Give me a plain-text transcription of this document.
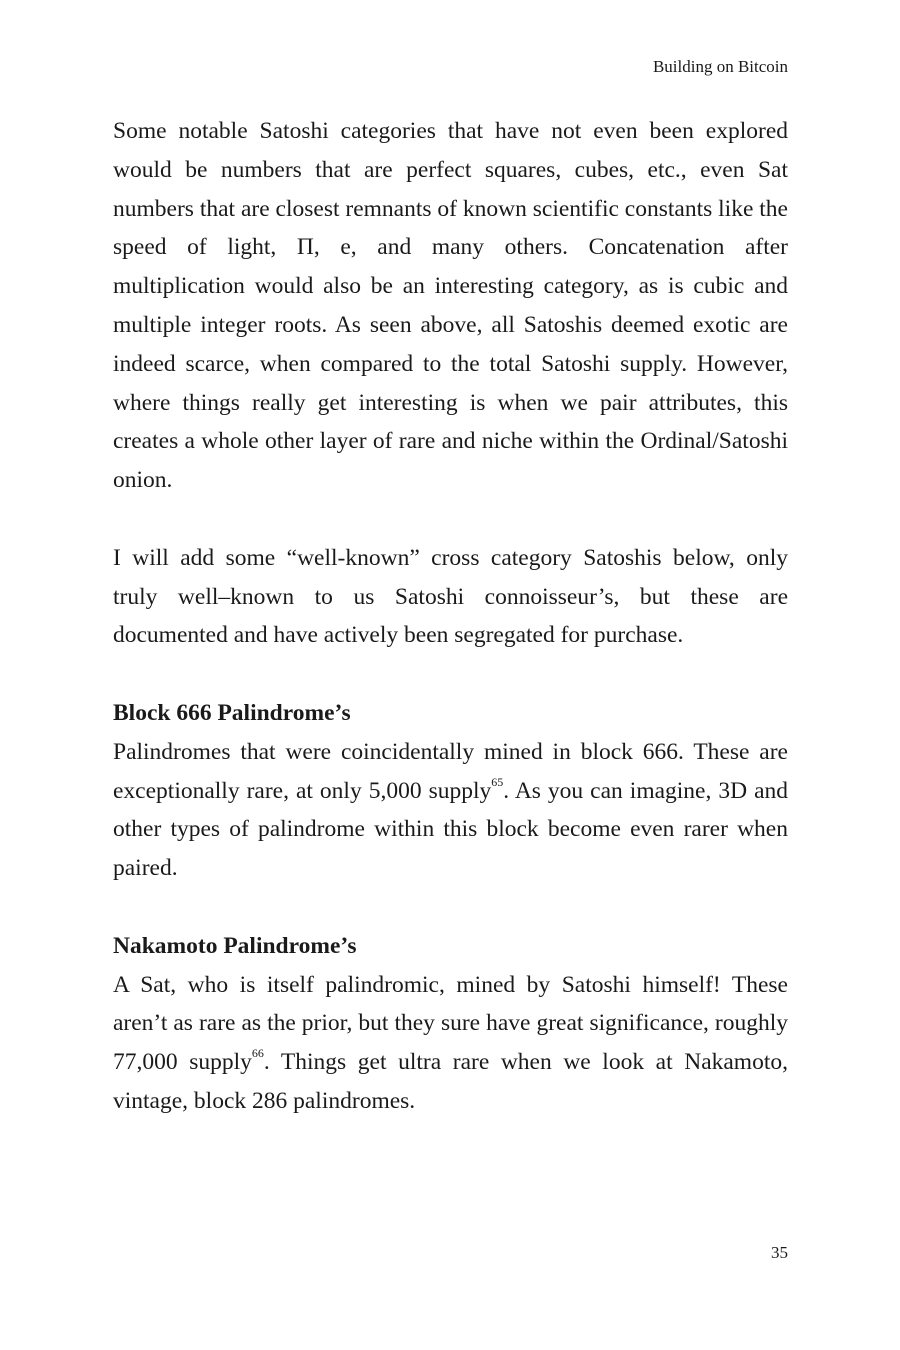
Building on Bitcoin

Some notable Satoshi categories that have not even been explored would be numbers that are perfect squares, cubes, etc., even Sat numbers that are closest remnants of known scientific constants like the speed of light, Π, e, and many others. Concatenation after multiplication would also be an interesting category, as is cubic and multiple integer roots. As seen above, all Satoshis deemed exotic are indeed scarce, when compared to the total Satoshi supply. However, where things really get interesting is when we pair attributes, this creates a whole other layer of rare and niche within the Ordinal/Satoshi onion.

I will add some “well-known” cross category Satoshis below, only truly well–known to us Satoshi connoisseur’s, but these are documented and have actively been segregated for purchase.

Block 666 Palindrome’s

Palindromes that were coincidentally mined in block 666. These are exceptionally rare, at only 5,000 supply$^{65}$. As you can imagine, 3D and other types of palindrome within this block become even rarer when paired.

Nakamoto Palindrome’s

A Sat, who is itself palindromic, mined by Satoshi himself! These aren’t as rare as the prior, but they sure have great significance, roughly 77,000 supply$^{66}$. Things get ultra rare when we look at Nakamoto, vintage, block 286 palindromes.

35
